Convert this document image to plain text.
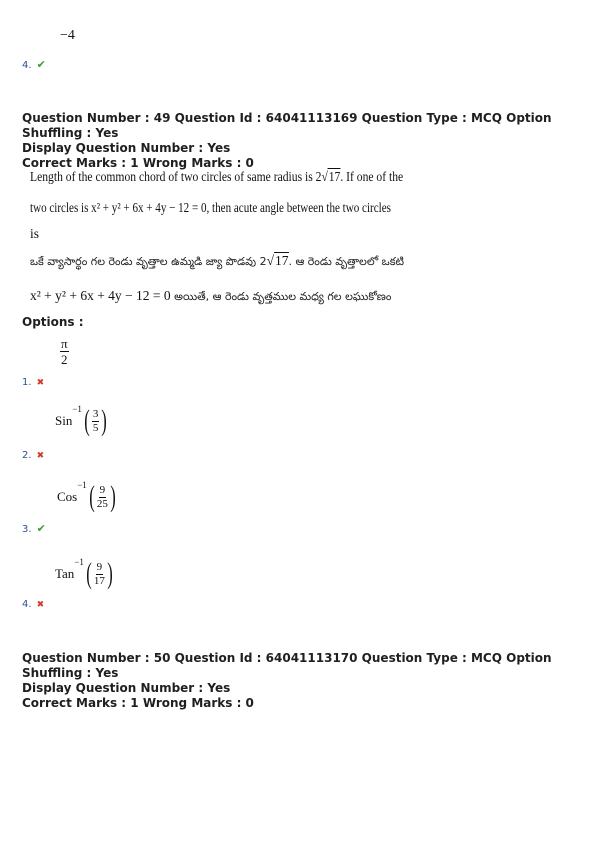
−4
4. ✔
Question Number : 49 Question Id : 64041113169 Question Type : MCQ Option Shuffling : Yes
Display Question Number : Yes
Correct Marks : 1 Wrong Marks : 0
Length of the common chord of two circles of same radius is 2√17. If one of the
two circles is x² + y² + 6x + 4y − 12 = 0, then acute angle between the two circles
is
ఒకే వ్యాసార్థం గల రెండు వృత్తాల ఉమ్మడి జ్యా పొడవు 2√17. ఆ రెండు వృత్తాలలో ఒకటి
x² + y² + 6x + 4y − 12 = 0 అయితే, ఆ రెండు వృత్తముల మధ్య గల లఘుకోణం
Options :
$\frac{\pi}{2}$
1. ✖
Sin
$^{-1}$ ( $\frac{3}{5}$ )
2. ✖
Cos
$^{-1}$ ( $\frac{9}{25}$ )
3. ✔
Tan
$^{-1}$ ( $\frac{9}{17}$ )
4. ✖
Question Number : 50 Question Id : 64041113170 Question Type : MCQ Option Shuffling : Yes
Display Question Number : Yes
Correct Marks : 1 Wrong Marks : 0
